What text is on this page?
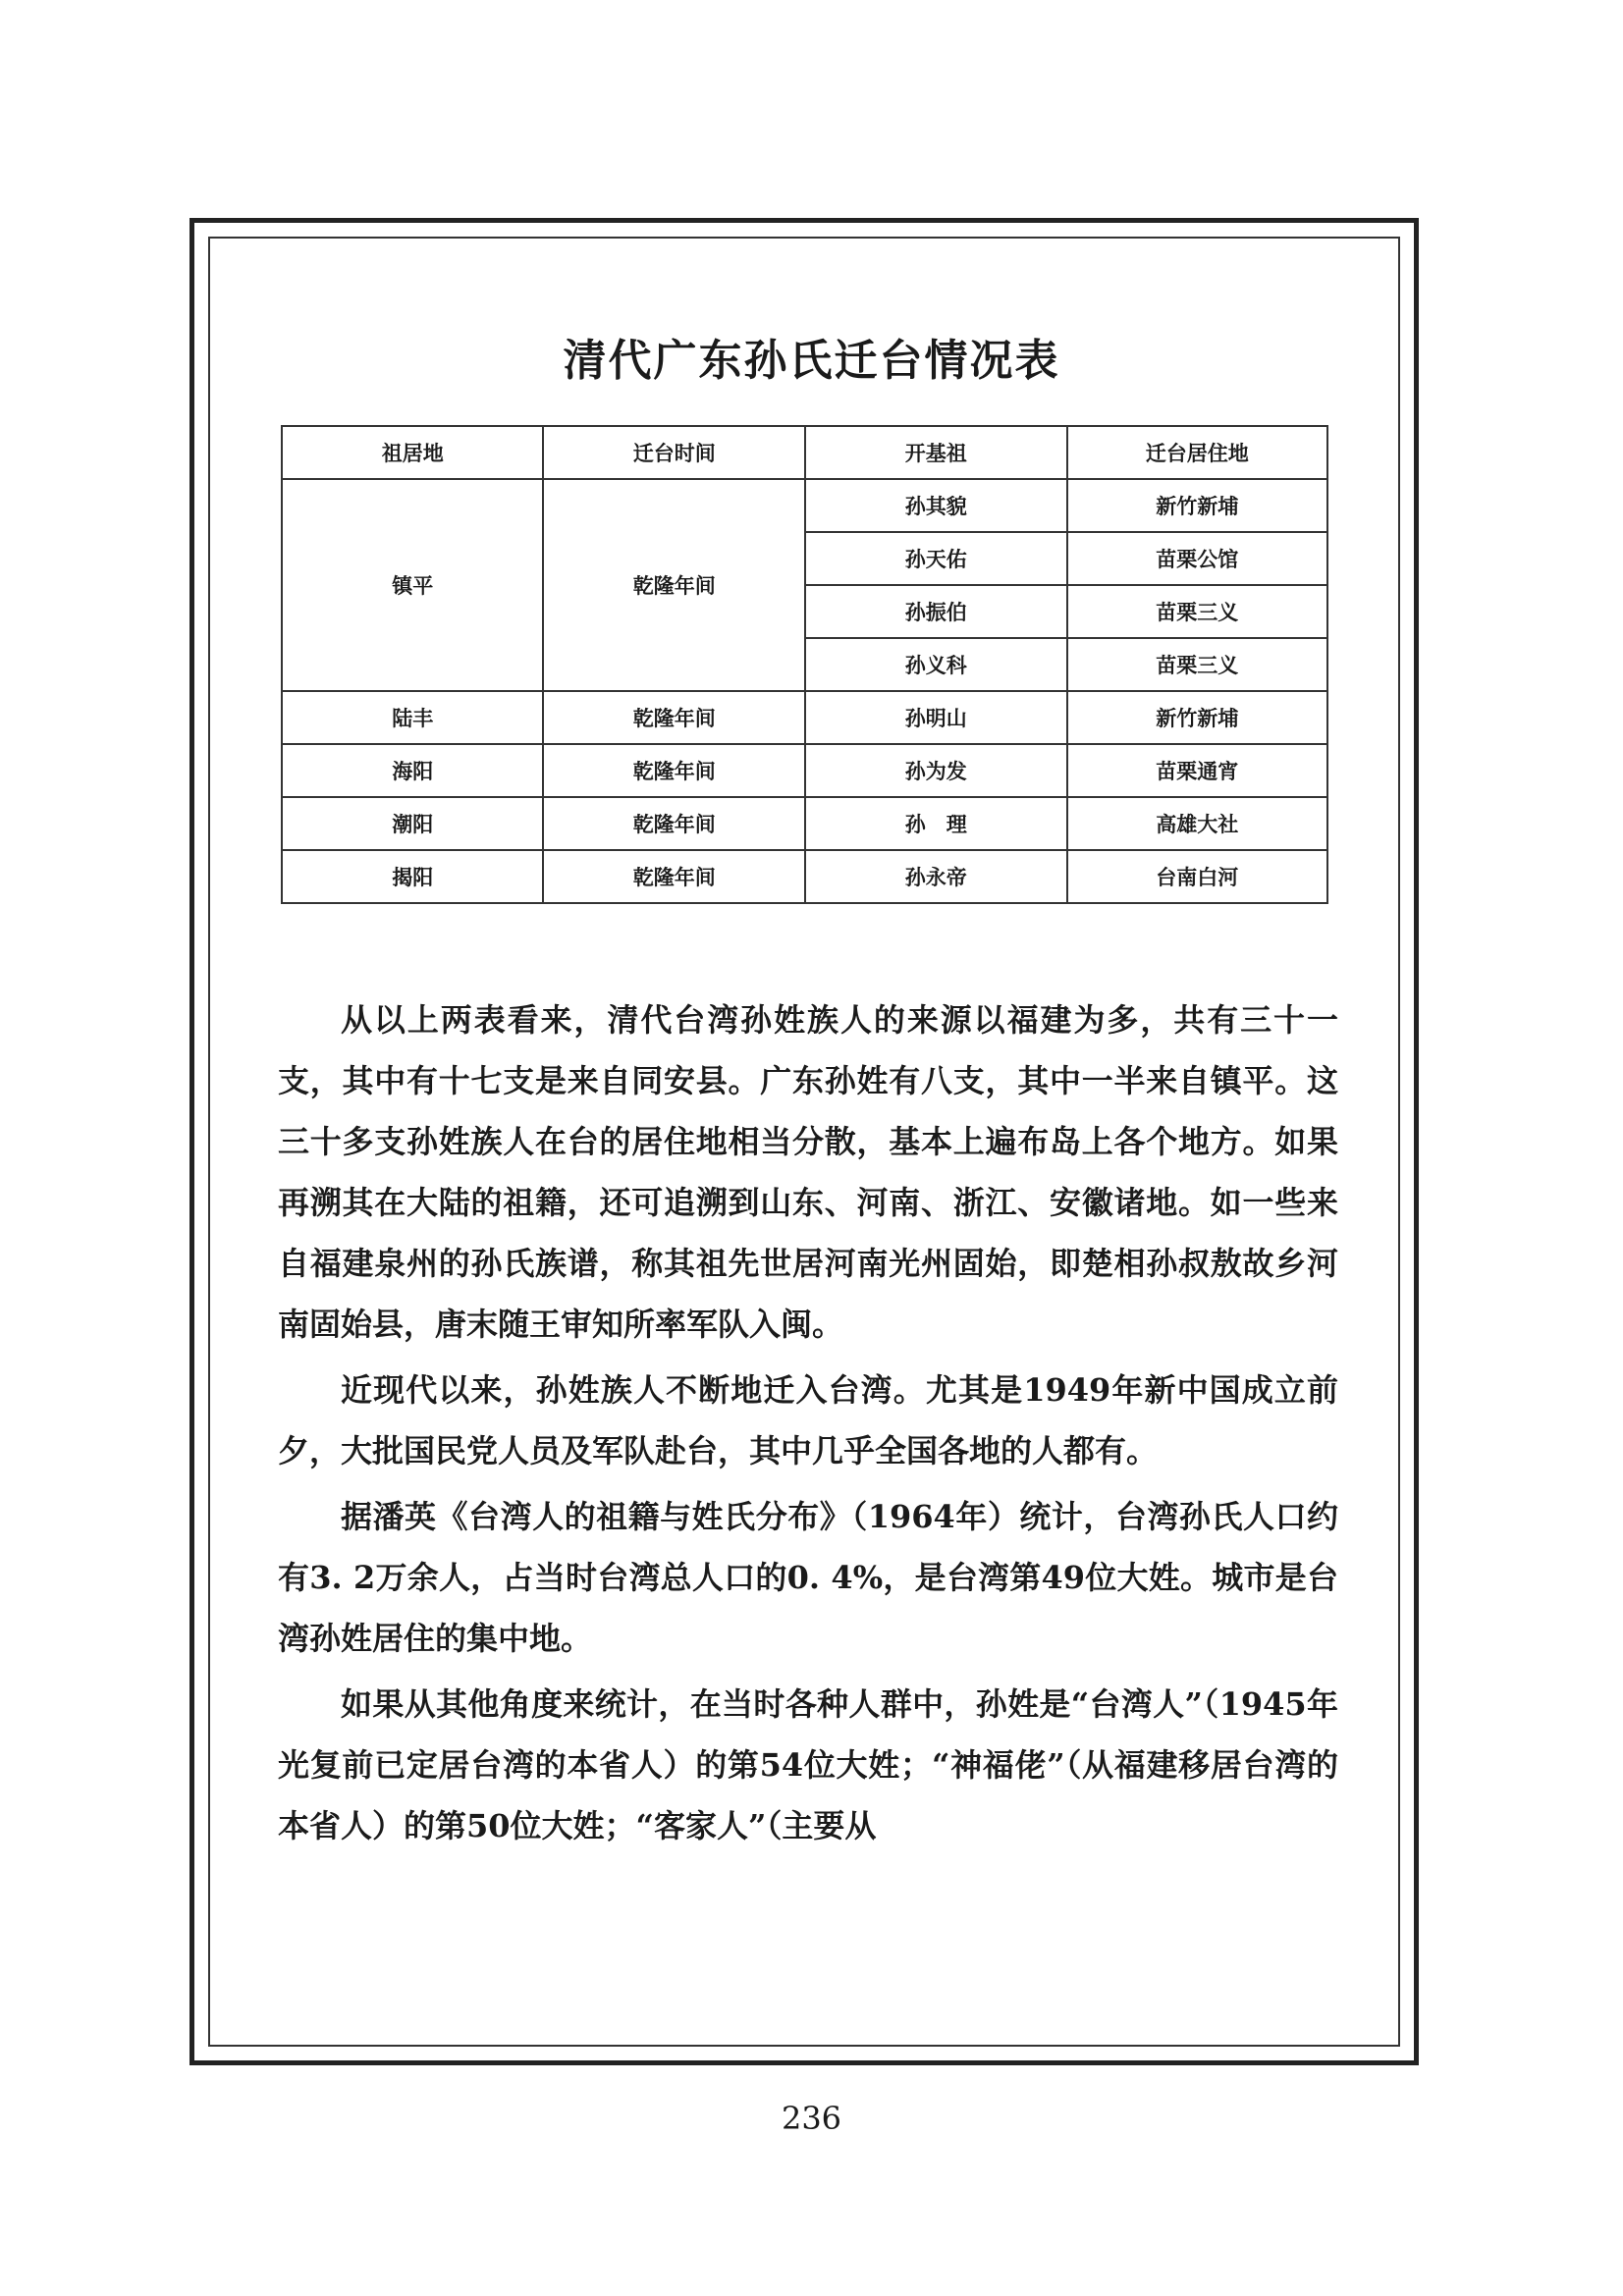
清代广东孙氏迁台情况表
祖居地	迁台时间	开基祖	迁台居住地
镇平	乾隆年间	孙其貌	新竹新埔
		孙天佑	苗栗公馆
		孙振伯	苗栗三义
		孙义科	苗栗三义
陆丰	乾隆年间	孙明山	新竹新埔
海阳	乾隆年间	孙为发	苗栗通宵
潮阳	乾隆年间	孙　理	高雄大社
揭阳	乾隆年间	孙永帝	台南白河

从以上两表看来，清代台湾孙姓族人的来源以福建为多，共有三十一支，其中有十七支是来自同安县。广东孙姓有八支，其中一半来自镇平。这三十多支孙姓族人在台的居住地相当分散，基本上遍布岛上各个地方。如果再溯其在大陆的祖籍，还可追溯到山东、河南、浙江、安徽诸地。如一些来自福建泉州的孙氏族谱，称其祖先世居河南光州固始，即楚相孙叔敖故乡河南固始县，唐末随王审知所率军队入闽。

近现代以来，孙姓族人不断地迁入台湾。尤其是1949年新中国成立前夕，大批国民党人员及军队赴台，其中几乎全国各地的人都有。

据潘英《台湾人的祖籍与姓氏分布》（1964年）统计，台湾孙氏人口约有3. 2万余人，占当时台湾总人口的0. 4%，是台湾第49位大姓。城市是台湾孙姓居住的集中地。

如果从其他角度来统计，在当时各种人群中，孙姓是“台湾人”（1945年光复前已定居台湾的本省人）的第54位大姓；“神福佬”（从福建移居台湾的本省人）的第50位大姓；“客家人”（主要从

236
